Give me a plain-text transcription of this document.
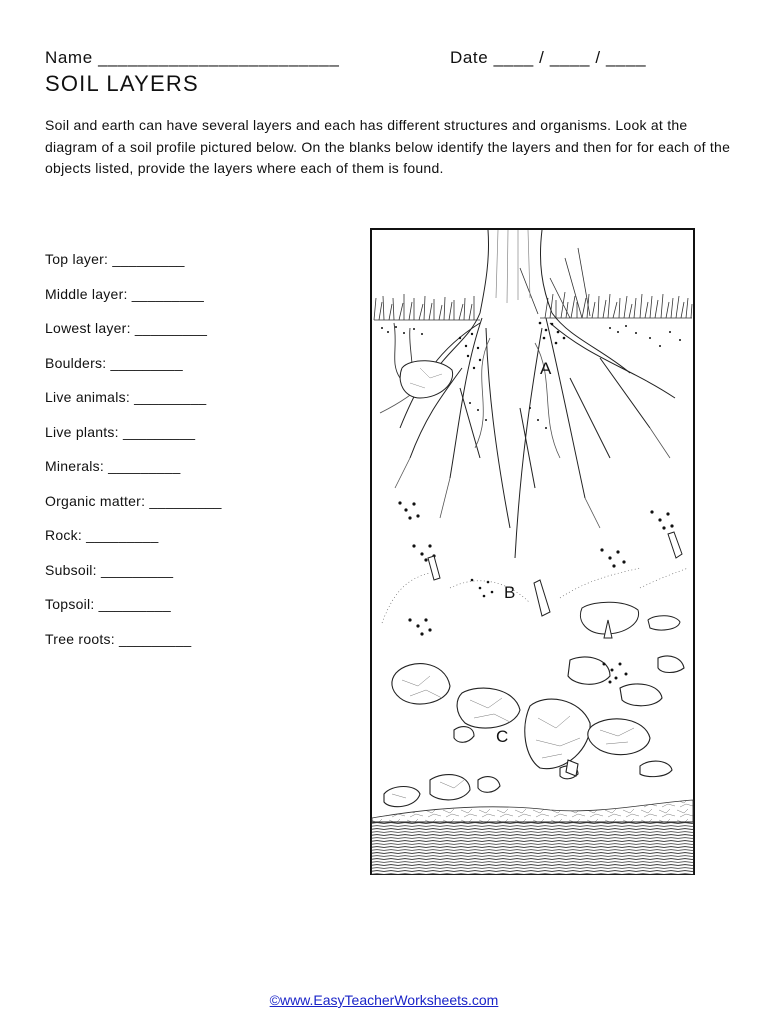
Name ________________________	Date ____ / ____ / ____
SOIL LAYERS

Soil and earth can have several layers and each has different structures and organisms. Look at the diagram of a soil profile pictured below. On the blanks below identify the layers and then for for each of the objects listed, provide the layers where each of them is found.

Top layer: _________
Middle layer: _________
Lowest layer: _________
Boulders: _________
Live animals: _________
Live plants: _________
Minerals: _________
Organic matter: _________
Rock: _________
Subsoil: _________
Topsoil: _________
Tree roots: _________
A
B
C
©www.EasyTeacherWorksheets.com
